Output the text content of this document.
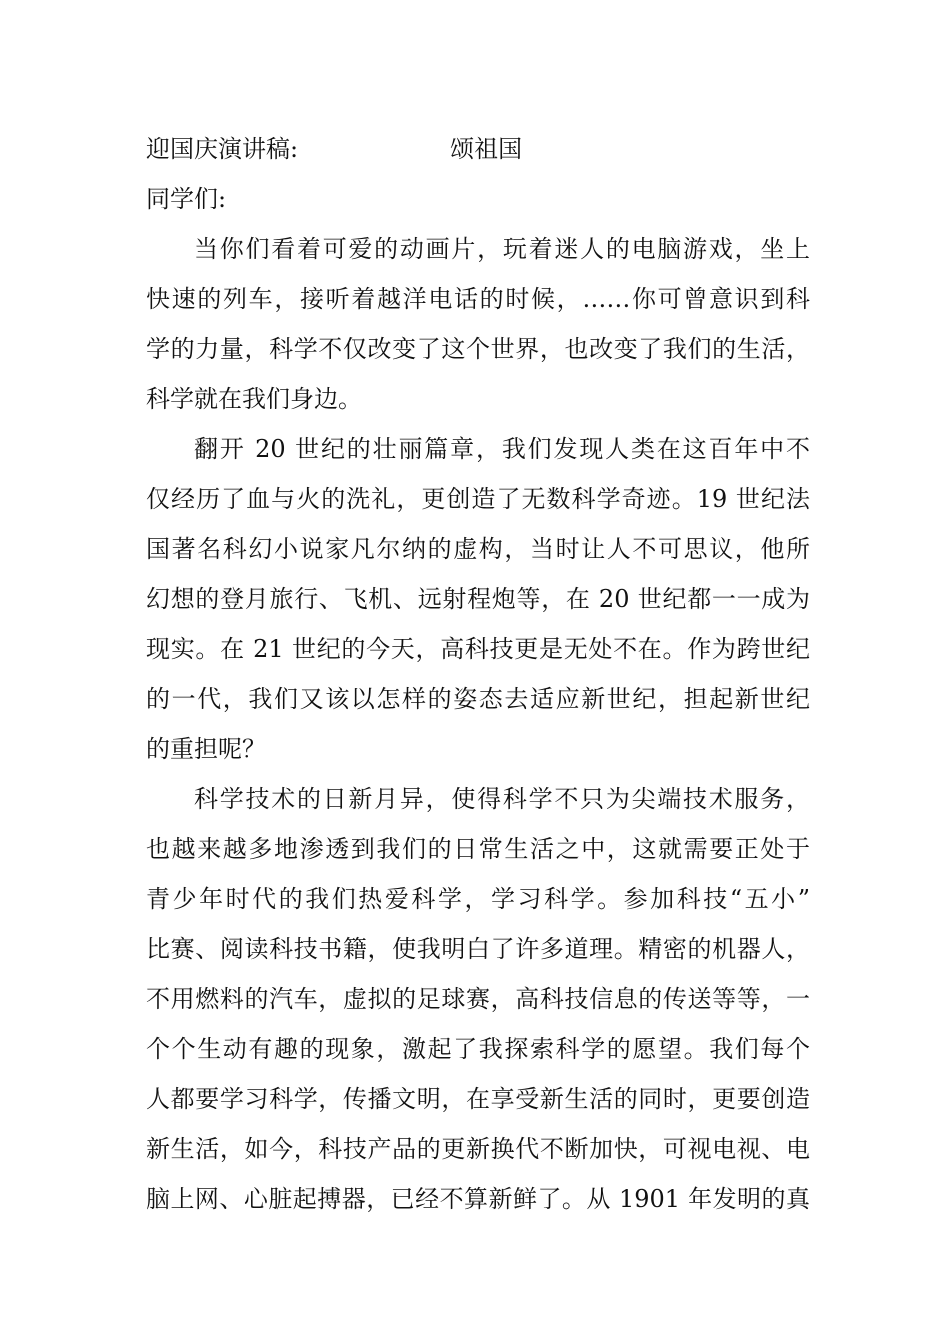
迎国庆演讲稿:	颂祖国
同学们:
当你们看着可爱的动画片，玩着迷人的电脑游戏，坐上
快速的列车，接听着越洋电话的时候，……你可曾意识到科
学的力量，科学不仅改变了这个世界，也改变了我们的生活，
科学就在我们身边。
翻开 20 世纪的壮丽篇章，我们发现人类在这百年中不
仅经历了血与火的洗礼，更创造了无数科学奇迹。19 世纪法
国著名科幻小说家凡尔纳的虚构，当时让人不可思议，他所
幻想的登月旅行、飞机、远射程炮等，在 20 世纪都一一成为
现实。在 21 世纪的今天，高科技更是无处不在。作为跨世纪
的一代，我们又该以怎样的姿态去适应新世纪，担起新世纪
的重担呢？
科学技术的日新月异，使得科学不只为尖端技术服务，
也越来越多地渗透到我们的日常生活之中，这就需要正处于
青少年时代的我们热爱科学，学习科学。参加科技“五小”
比赛、阅读科技书籍，使我明白了许多道理。精密的机器人，
不用燃料的汽车，虚拟的足球赛，高科技信息的传送等等，一
个个生动有趣的现象，激起了我探索科学的愿望。我们每个
人都要学习科学，传播文明，在享受新生活的同时，更要创造
新生活，如今，科技产品的更新换代不断加快，可视电视、电
脑上网、心脏起搏器，已经不算新鲜了。从 1901 年发明的真
